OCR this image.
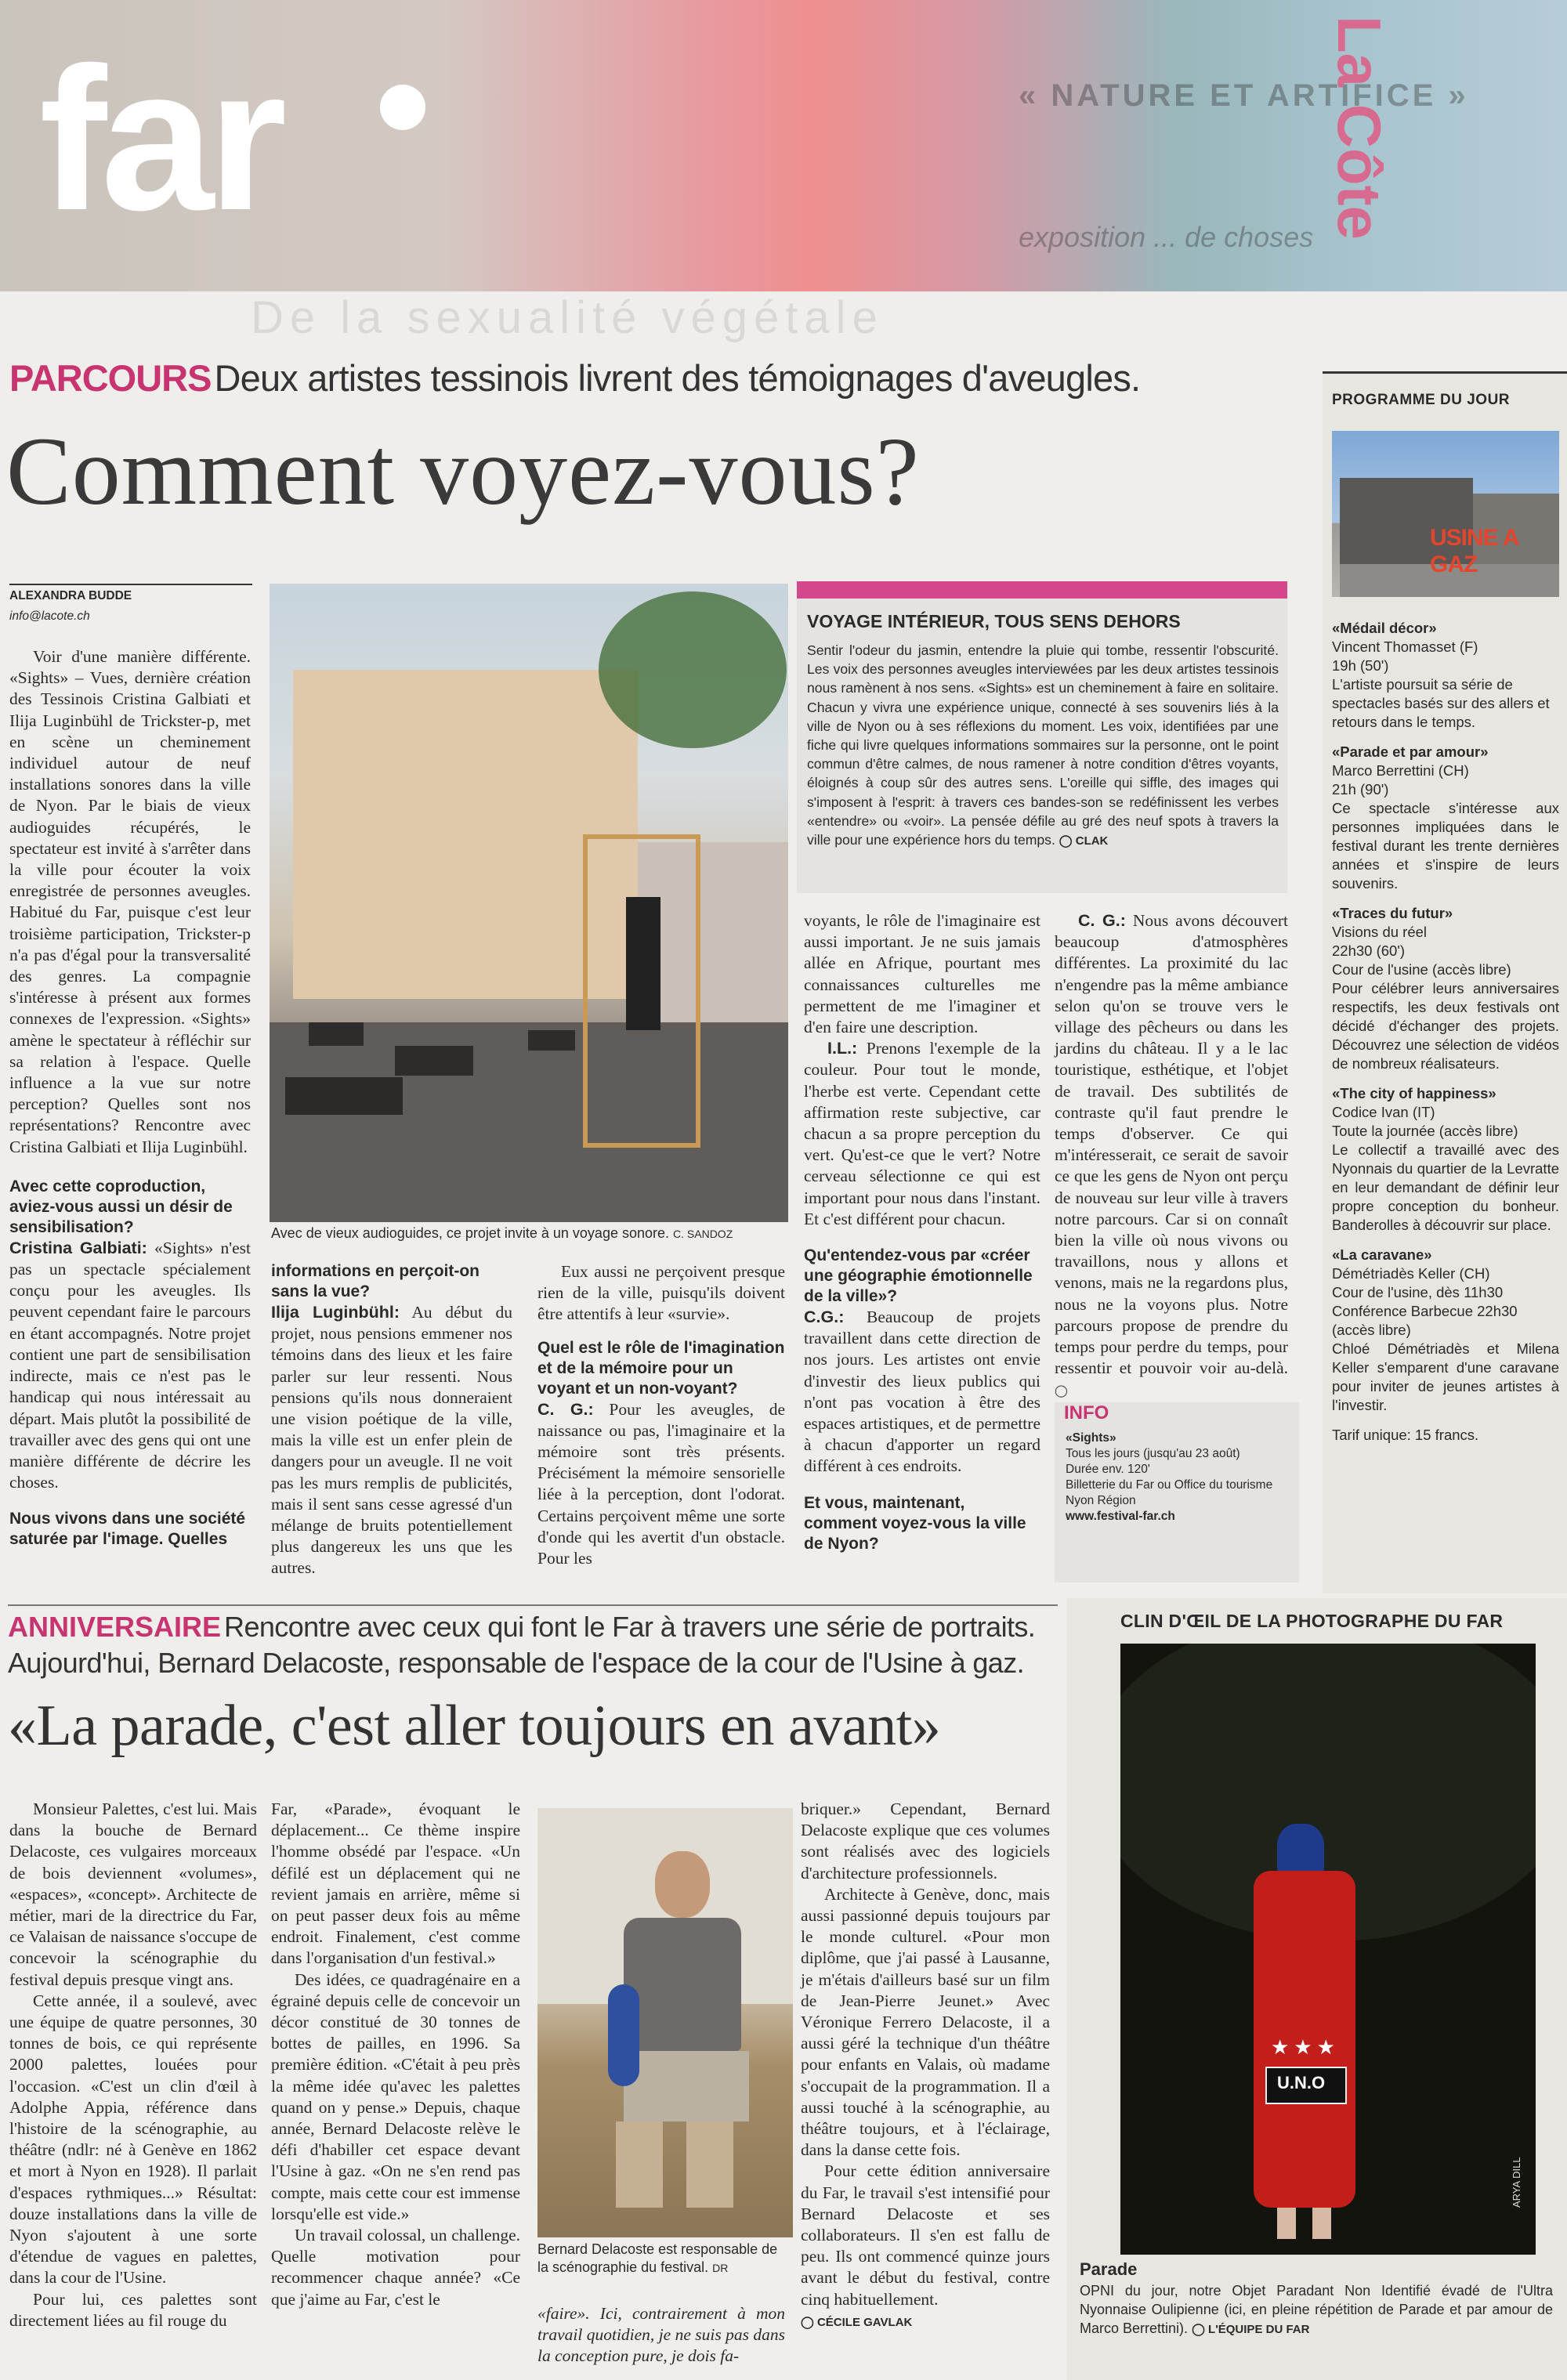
« NATURE ET ARTIFICE »
exposition ... de choses
De la sexualité végétale
far	La Côte
PARCOURS Deux artistes tessinois livrent des témoignages d'aveugles.
Comment voyez-vous?
ALEXANDRA BUDDE
info@lacote.ch

Voir d'une manière différente. «Sights» – Vues, dernière création des Tessinois Cristina Galbiati et Ilija Luginbühl de Trickster-p, met en scène un cheminement individuel autour de neuf installations sonores dans la ville de Nyon. Par le biais de vieux audioguides récupérés, le spectateur est invité à s'arrêter dans la ville pour écouter la voix enregistrée de personnes aveugles. Habitué du Far, puisque c'est leur troisième participation, Trickster-p n'a pas d'égal pour la transversalité des genres. La compagnie s'intéresse à présent aux formes connexes de l'expression. «Sights» amène le spectateur à réfléchir sur sa relation à l'espace. Quelle influence a la vue sur notre perception? Quelles sont nos représentations? Rencontre avec Cristina Galbiati et Ilija Luginbühl.

Avec cette coproduction, aviez-vous aussi un désir de sensibilisation?

Cristina Galbiati: «Sights» n'est pas un spectacle spécialement conçu pour les aveugles. Ils peuvent cependant faire le parcours en étant accompagnés. Notre projet contient une part de sensibilisation indirecte, mais ce n'est pas le handicap qui nous intéressait au départ. Mais plutôt la possibilité de travailler avec des gens qui ont une manière différente de décrire les choses.

Nous vivons dans une société saturée par l'image. Quelles
Avec de vieux audioguides, ce projet invite à un voyage sonore. C. SANDOZ
informations en perçoit-on sans la vue?

Ilija Luginbühl: Au début du projet, nous pensions emmener nos témoins dans des lieux et les faire parler sur leur ressenti. Nous pensions qu'ils nous donneraient une vision poétique de la ville, mais la ville est un enfer plein de dangers pour un aveugle. Il ne voit pas les murs remplis de publicités, mais il sent sans cesse agressé d'un mélange de bruits potentiellement plus dangereux les uns que les autres.

Eux aussi ne perçoivent presque rien de la ville, puisqu'ils doivent être attentifs à leur «survie».

Quel est le rôle de l'imagination et de la mémoire pour un voyant et un non-voyant?

C. G.: Pour les aveugles, de naissance ou pas, l'imaginaire et la mémoire sont très présents. Précisément la mémoire sensorielle liée à la perception, dont l'odorat. Certains perçoivent même une sorte d'onde qui les avertit d'un obstacle. Pour les

VOYAGE INTÉRIEUR, TOUS SENS DEHORS
Sentir l'odeur du jasmin, entendre la pluie qui tombe, ressentir l'obscurité. Les voix des personnes aveugles interviewées par les deux artistes tessinois nous ramènent à nos sens. «Sights» est un cheminement à faire en solitaire. Chacun y vivra une expérience unique, connecté à ses souvenirs liés à la ville de Nyon ou à ses réflexions du moment. Les voix, identifiées par une fiche qui livre quelques informations sommaires sur la personne, ont le point commun d'être calmes, de nous ramener à notre condition d'êtres voyants, éloignés à coup sûr des autres sens. L'oreille qui siffle, des images qui s'imposent à l'esprit: à travers ces bandes-son se redéfinissent les verbes «entendre» ou «voir». La pensée défile au gré des neuf spots à travers la ville pour une expérience hors du temps. ◯ CLAK

voyants, le rôle de l'imaginaire est aussi important. Je ne suis jamais allée en Afrique, pourtant mes connaissances culturelles me permettent de me l'imaginer et d'en faire une description.

I.L.: Prenons l'exemple de la couleur. Pour tout le monde, l'herbe est verte. Cependant cette affirmation reste subjective, car chacun a sa propre perception du vert. Qu'est-ce que le vert? Notre cerveau sélectionne ce qui est important pour nous dans l'instant. Et c'est différent pour chacun.

Qu'entendez-vous par «créer une géographie émotionnelle de la ville»?

C.G.: Beaucoup de projets travaillent dans cette direction de nos jours. Les artistes ont envie d'investir des lieux publics qui n'ont pas vocation à être des espaces artistiques, et de permettre à chacun d'apporter un regard différent à ces endroits.

Et vous, maintenant, comment voyez-vous la ville de Nyon?

C. G.: Nous avons découvert beaucoup d'atmosphères différentes. La proximité du lac n'engendre pas la même ambiance selon qu'on se trouve vers le village des pêcheurs ou dans les jardins du château. Il y a le lac touristique, esthétique, et l'objet de travail. Des subtilités de contraste qu'il faut prendre le temps d'observer. Ce qui m'intéresserait, ce serait de savoir ce que les gens de Nyon ont perçu de nouveau sur leur ville à travers notre parcours. Car si on connaît bien la ville où nous vivons ou travaillons, nous y allons et venons, mais ne la regardons plus, nous ne la voyons plus. Notre parcours propose de prendre du temps pour perdre du temps, pour ressentir et pouvoir voir au-delà. ◯

INFO
«Sights»
Tous les jours (jusqu'au 23 août)
Durée env. 120'
Billetterie du Far ou Office du tourisme
Nyon Région
www.festival-far.ch
PROGRAMME DU JOUR
USINE A GAZ
«Médail décor»
Vincent Thomasset (F)
19h (50')
L'artiste poursuit sa série de spectacles basés sur des allers et retours dans le temps.
«Parade et par amour»
Marco Berrettini (CH)
21h (90')
Ce spectacle s'intéresse aux personnes impliquées dans le festival durant les trente dernières années et s'inspire de leurs souvenirs.
«Traces du futur»
Visions du réel
22h30 (60')
Cour de l'usine (accès libre)
Pour célébrer leurs anniversaires respectifs, les deux festivals ont décidé d'échanger des projets. Découvrez une sélection de vidéos de nombreux réalisateurs.
«The city of happiness»
Codice Ivan (IT)
Toute la journée (accès libre)
Le collectif a travaillé avec des Nyonnais du quartier de la Levratte en leur demandant de définir leur propre conception du bonheur. Banderolles à découvrir sur place.
«La caravane»
Démétriadès Keller (CH)
Cour de l'usine, dès 11h30
Conférence Barbecue 22h30
(accès libre)
Chloé Démétriadès et Milena Keller s'emparent d'une caravane pour inviter de jeunes artistes à l'investir.
Tarif unique: 15 francs.
ANNIVERSAIRE Rencontre avec ceux qui font le Far à travers une série de portraits.
Aujourd'hui, Bernard Delacoste, responsable de l'espace de la cour de l'Usine à gaz.
«La parade, c'est aller toujours en avant»

Monsieur Palettes, c'est lui. Mais dans la bouche de Bernard Delacoste, ces vulgaires morceaux de bois deviennent «volumes», «espaces», «concept». Architecte de métier, mari de la directrice du Far, ce Valaisan de naissance s'occupe de concevoir la scénographie du festival depuis presque vingt ans.

Cette année, il a soulevé, avec une équipe de quatre personnes, 30 tonnes de bois, ce qui représente 2000 palettes, louées pour l'occasion. «C'est un clin d'œil à Adolphe Appia, référence dans l'histoire de la scénographie, au théâtre (ndlr: né à Genève en 1862 et mort à Nyon en 1928). Il parlait d'espaces rythmiques...» Résultat: douze installations dans la ville de Nyon s'ajoutent à une sorte d'étendue de vagues en palettes, dans la cour de l'Usine.

Pour lui, ces palettes sont directement liées au fil rouge du

Far, «Parade», évoquant le déplacement... Ce thème inspire l'homme obsédé par l'espace. «Un défilé est un déplacement qui ne revient jamais en arrière, même si on peut passer deux fois au même endroit. Finalement, c'est comme dans l'organisation d'un festival.»

Des idées, ce quadragénaire en a égrainé depuis celle de concevoir un décor constitué de 30 tonnes de bottes de pailles, en 1996. Sa première édition. «C'était à peu près la même idée qu'avec les palettes quand on y pense.» Depuis, chaque année, Bernard Delacoste relève le défi d'habiller cet espace devant l'Usine à gaz. «On ne s'en rend pas compte, mais cette cour est immense lorsqu'elle est vide.»

Un travail colossal, un challenge. Quelle motivation pour recommencer chaque année? «Ce que j'aime au Far, c'est le

Bernard Delacoste est responsable de la scénographie du festival. DR

«faire». Ici, contrairement à mon travail quotidien, je ne suis pas dans la conception pure, je dois fa-

briquer.» Cependant, Bernard Delacoste explique que ces volumes sont réalisés avec des logiciels d'architecture professionnels.

Architecte à Genève, donc, mais aussi passionné depuis toujours par le monde culturel. «Pour mon diplôme, que j'ai passé à Lausanne, je m'étais d'ailleurs basé sur un film de Jean-Pierre Jeunet.» Avec Véronique Ferrero Delacoste, il a aussi géré la technique d'un théâtre pour enfants en Valais, où madame s'occupait de la programmation. Il a aussi touché à la scénographie, au théâtre toujours, et à l'éclairage, dans la danse cette fois.

Pour cette édition anniversaire du Far, le travail s'est intensifié pour Bernard Delacoste et ses collaborateurs. Il s'en est fallu de peu. Ils ont commencé quinze jours avant le début du festival, contre cinq habituellement.

◯ CÉCILE GAVLAK
CLIN D'ŒIL DE LA PHOTOGRAPHE DU FAR
★★★
U.N.O
ARYA DILL
Parade
OPNI du jour, notre Objet Paradant Non Identifié évadé de l'Ultra Nyonnaise Oulipienne (ici, en pleine répétition de Parade et par amour de Marco Berrettini). ◯ L'ÉQUIPE DU FAR
